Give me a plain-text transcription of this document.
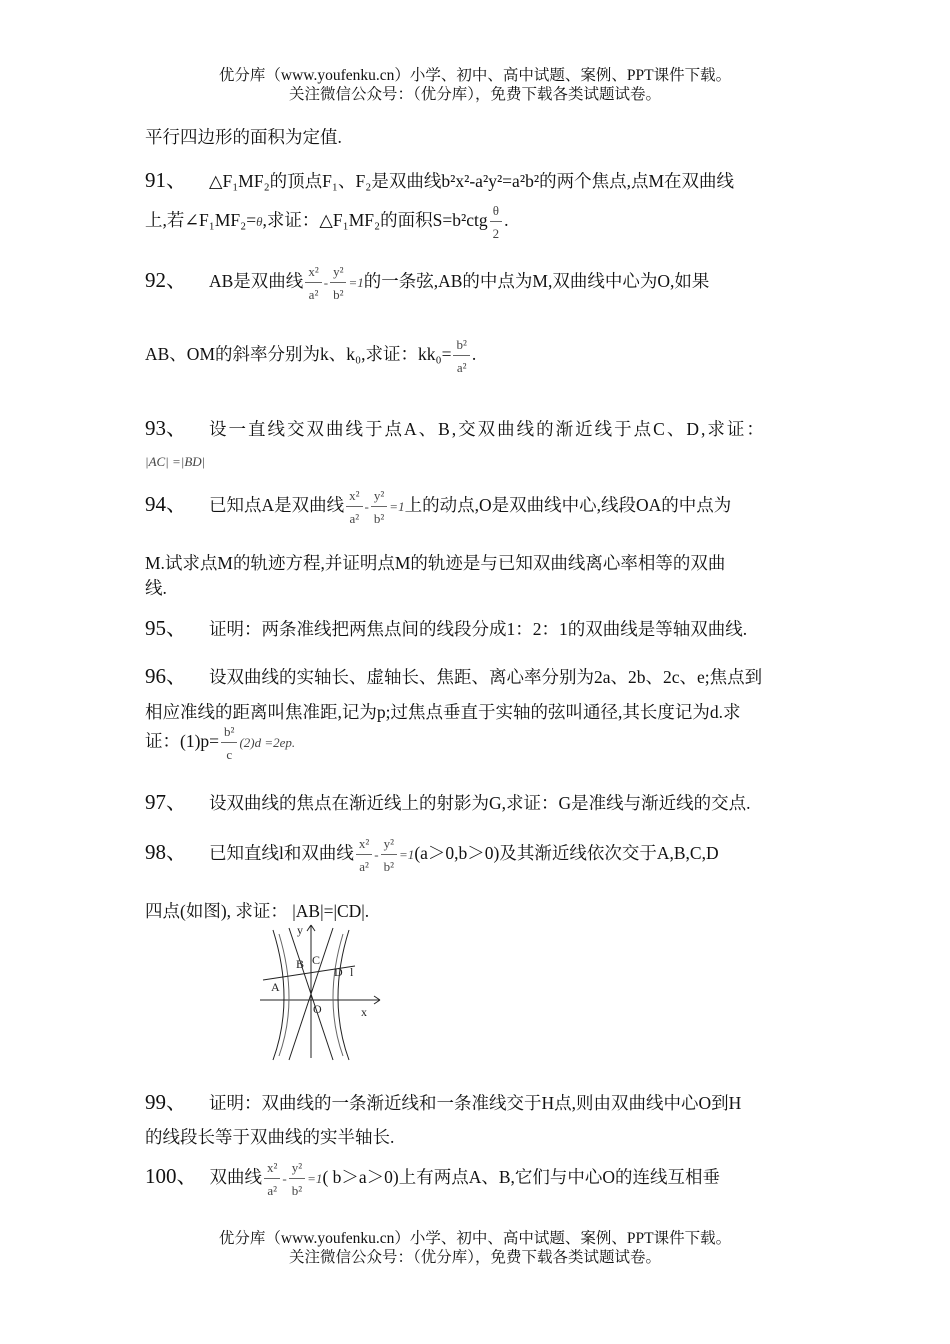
优分库（www.youfenku.cn）小学、初中、高中试题、案例、PPT课件下载。
关注微信公众号：（优分库），免费下载各类试题试卷。
平行四边形的面积为定值.
91、 △F₁MF₂的顶点F₁、F₂是双曲线b²x²-a²y²=a²b²的两个焦点,点M在双曲线
上,若∠F₁MF₂=θ,求证：△F₁MF₂的面积$S=b^2ctg \frac{\theta}{2}$ .
92、 AB是双曲线 $\frac{\text{x²}}{\text{a²}} - \frac{\text{y²}}{\text{b²}} =1$的一条弦,AB的中点为M,双曲线中心为O,如果
AB、OM的斜率分别为k、k₀,求证：$kk_0= \frac{\text{b²}}{\text{a²}}$ .
93、 设一直线交双曲线于点A、B,交双曲线的渐近线于点C、D,求证：
|AC| =|BD|
94、 已知点A是双曲线 $\frac{\text{x²}}{\text{a²}} - \frac{\text{y²}}{\text{b²}} =1$上的动点,O是双曲线中心,线段OA的中点为
M.试求点M的轨迹方程,并证明点M的轨迹是与已知双曲线离心率相等的双曲
线.
95、 证明：两条准线把两焦点间的线段分成1：2：1的双曲线是等轴双曲线.
96、 设双曲线的实轴长、虚轴长、焦距、离心率分别为2a、2b、2c、e;焦点到
相应准线的距离叫焦准距,记为p;过焦点垂直于实轴的弦叫通径,其长度记为d.求
证：$(1)p= \frac{\text{b²}}{c} (2)d =2ep$.
97、 设双曲线的焦点在渐近线上的射影为G,求证：G是准线与渐近线的交点.
98、 已知直线l和双曲线 $\frac{\text{x²}}{\text{a²}} - \frac{\text{y²}}{\text{b²}} =1(a>0,b>0)$及其渐近线依次交于A,B,C,D
四点(如图), 求证： |AB|=|CD|.
y
x
O
A
B C
D l
99、 证明：双曲线的一条渐近线和一条准线交于H点,则由双曲线中心O到H
的线段长等于双曲线的实半轴长.
100、 双曲线 $\frac{\text{x²}}{\text{a²}} - \frac{\text{y²}}{\text{b²}} =1$( b＞a＞0)上有两点A、B,它们与中心O的连线互相垂
优分库（www.youfenku.cn）小学、初中、高中试题、案例、PPT课件下载。
关注微信公众号：（优分库），免费下载各类试题试卷。
